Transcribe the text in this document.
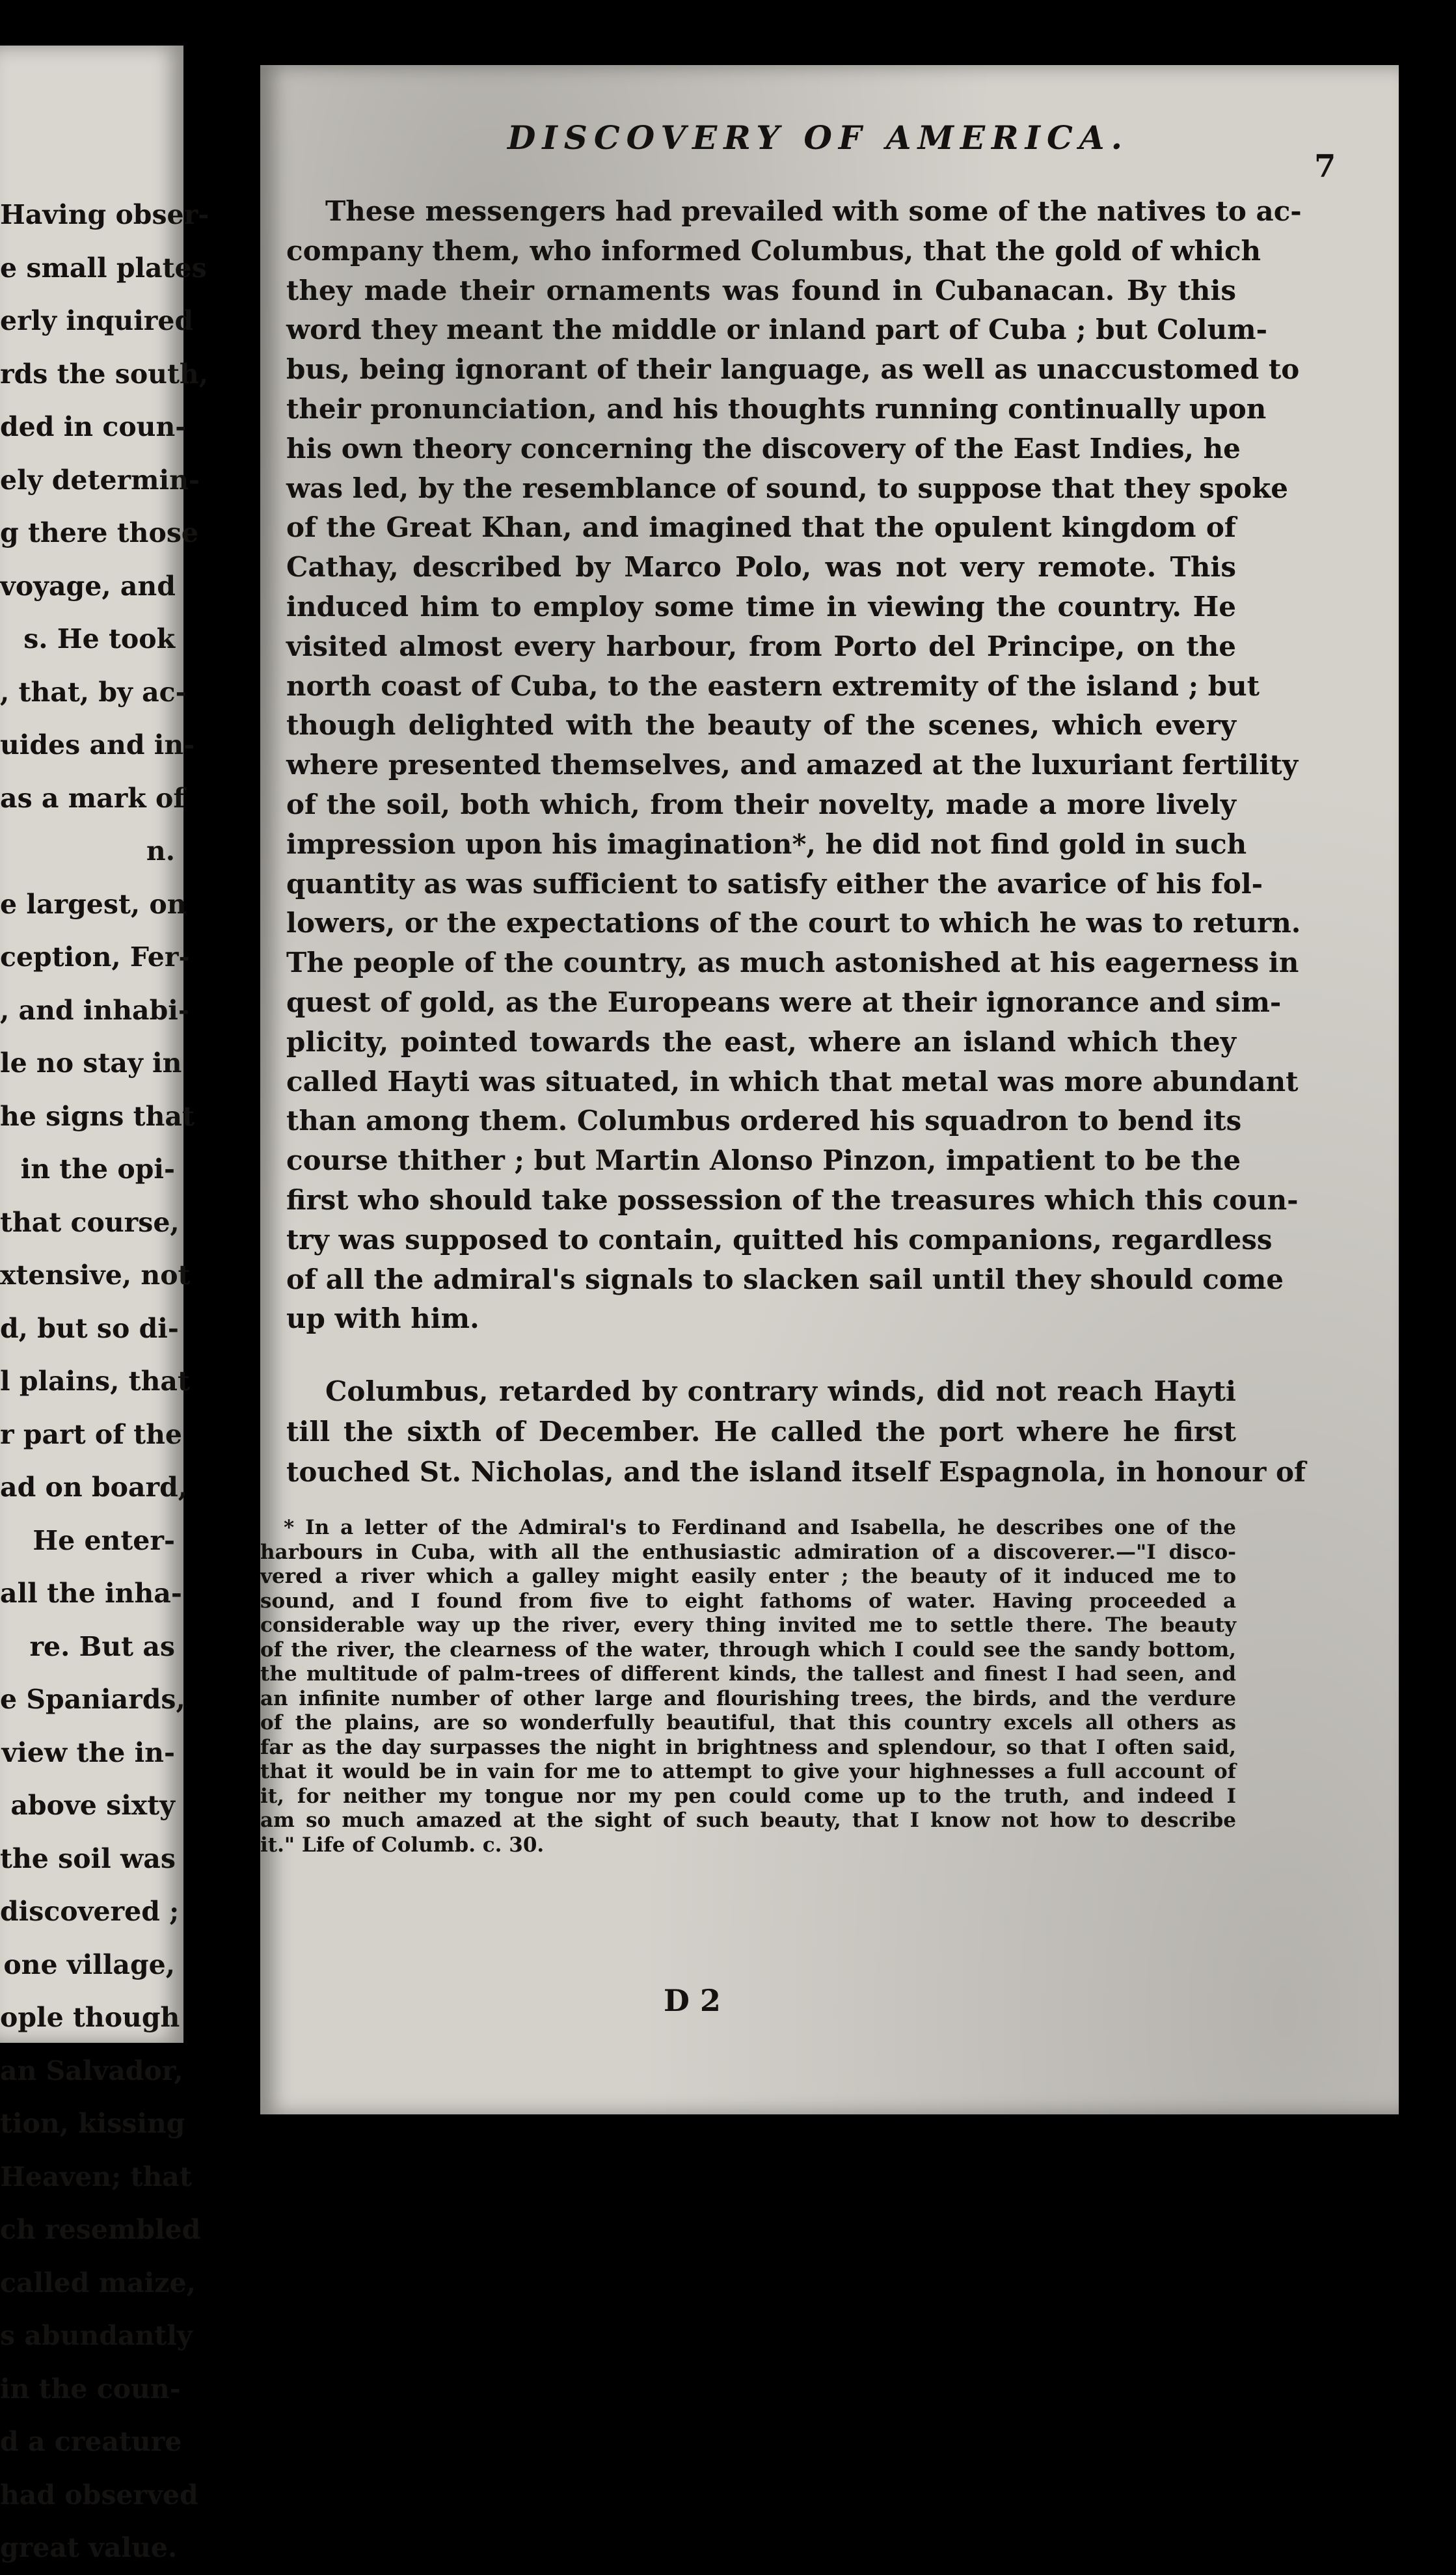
Having obser-
e small plates
erly inquired
rds the south,
ded in coun-
ely determin-
g there those
voyage, and
s. He took
, that, by ac-
uides and in-
as a mark of
n.
e largest, on
ception, Fer-
, and inhabi-
le no stay in
he signs that
in the opi-
that course,
xtensive, not
d, but so di-
l plains, that
r part of the
ad on board,
He enter-
all the inha-
re. But as
e Spaniards,
view the in-
above sixty
the soil was
discovered ;
one village,
ople though
an Salvador,
tion, kissing
Heaven; that
ch resembled
called maize,
s abundantly
in the coun-
d a creature
had observed
great value.
DISCOVERY OF AMERICA.
7
These messengers had prevailed with some of the natives to ac-
company them, who informed Columbus, that the gold of which
they made their ornaments was found in Cubanacan. By this
word they meant the middle or inland part of Cuba ; but Colum-
bus, being ignorant of their language, as well as unaccustomed to
their pronunciation, and his thoughts running continually upon
his own theory concerning the discovery of the East Indies, he
was led, by the resemblance of sound, to suppose that they spoke
of the Great Khan, and imagined that the opulent kingdom of
Cathay, described by Marco Polo, was not very remote. This
induced him to employ some time in viewing the country. He
visited almost every harbour, from Porto del Principe, on the
north coast of Cuba, to the eastern extremity of the island ; but
though delighted with the beauty of the scenes, which every
where presented themselves, and amazed at the luxuriant fertility
of the soil, both which, from their novelty, made a more lively
impression upon his imagination*, he did not find gold in such
quantity as was sufficient to satisfy either the avarice of his fol-
lowers, or the expectations of the court to which he was to return.
The people of the country, as much astonished at his eagerness in
quest of gold, as the Europeans were at their ignorance and sim-
plicity, pointed towards the east, where an island which they
called Hayti was situated, in which that metal was more abundant
than among them. Columbus ordered his squadron to bend its
course thither ; but Martin Alonso Pinzon, impatient to be the
first who should take possession of the treasures which this coun-
try was supposed to contain, quitted his companions, regardless
of all the admiral's signals to slacken sail until they should come
up with him.
Columbus, retarded by contrary winds, did not reach Hayti
till the sixth of December. He called the port where he first
touched St. Nicholas, and the island itself Espagnola, in honour of
* In a letter of the Admiral's to Ferdinand and Isabella, he describes one of the
harbours in Cuba, with all the enthusiastic admiration of a discoverer.—"I disco-
vered a river which a galley might easily enter ; the beauty of it induced me to
sound, and I found from five to eight fathoms of water. Having proceeded a
considerable way up the river, every thing invited me to settle there. The beauty
of the river, the clearness of the water, through which I could see the sandy bottom,
the multitude of palm-trees of different kinds, the tallest and finest I had seen, and
an infinite number of other large and flourishing trees, the birds, and the verdure
of the plains, are so wonderfully beautiful, that this country excels all others as
far as the day surpasses the night in brightness and splendour, so that I often said,
that it would be in vain for me to attempt to give your highnesses a full account of
it, for neither my tongue nor my pen could come up to the truth, and indeed I
am so much amazed at the sight of such beauty, that I know not how to describe
it." Life of Columb. c. 30.
D 2
